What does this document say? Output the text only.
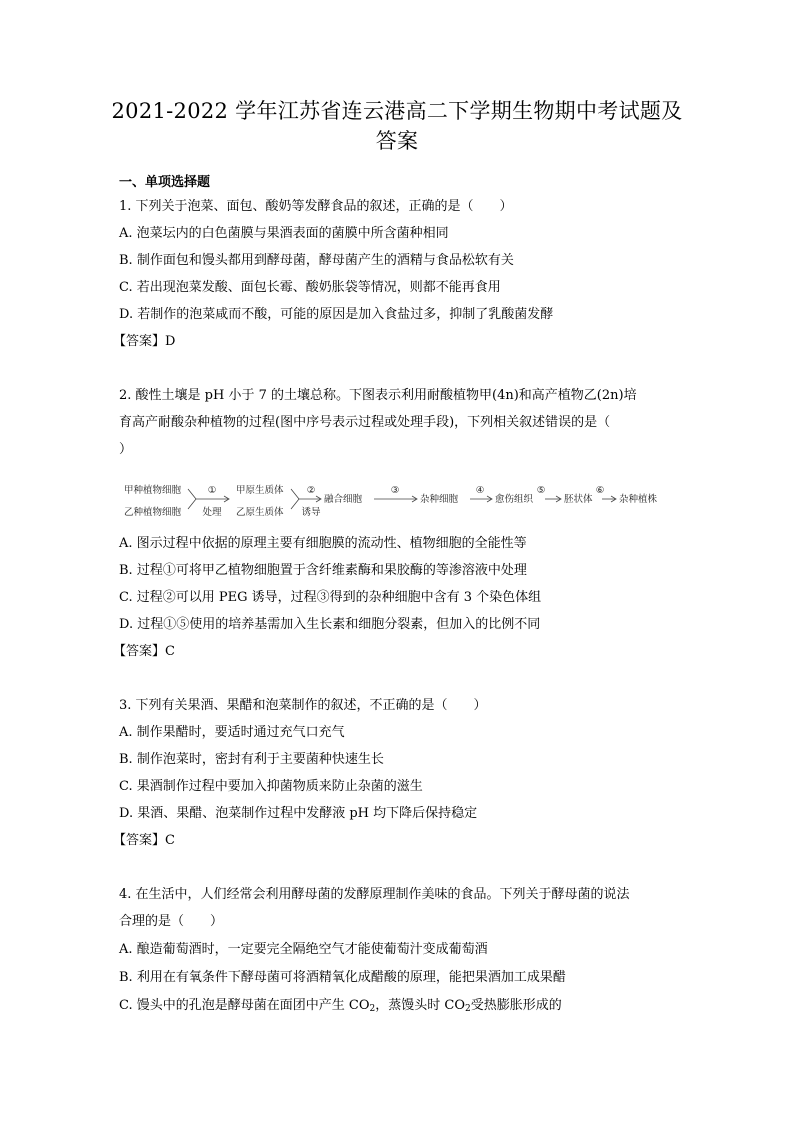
2021-2022 学年江苏省连云港高二下学期生物期中考试题及
答案
一、单项选择题
1. 下列关于泡菜、面包、酸奶等发酵食品的叙述，正确的是（　　）
A. 泡菜坛内的白色菌膜与果酒表面的菌膜中所含菌种相同
B. 制作面包和馒头都用到酵母菌，酵母菌产生的酒精与食品松软有关
C. 若出现泡菜发酸、面包长霉、酸奶胀袋等情况，则都不能再食用
D. 若制作的泡菜咸而不酸，可能的原因是加入食盐过多，抑制了乳酸菌发酵
【答案】D
2. 酸性土壤是 pH 小于 7 的土壤总称。下图表示利用耐酸植物甲(4n)和高产植物乙(2n)培
育高产耐酸杂种植物的过程(图中序号表示过程或处理手段)，下列相关叙述错误的是（
）
甲种植物细胞
乙种植物细胞
①
处理
甲原生质体
乙原生质体
②
诱导
融合细胞
③
杂种细胞
④
愈伤组织
⑤
胚状体
⑥
杂种植株
A. 图示过程中依据的原理主要有细胞膜的流动性、植物细胞的全能性等
B. 过程①可将甲乙植物细胞置于含纤维素酶和果胶酶的等渗溶液中处理
C. 过程②可以用 PEG 诱导，过程③得到的杂种细胞中含有 3 个染色体组
D. 过程①⑤使用的培养基需加入生长素和细胞分裂素，但加入的比例不同
【答案】C
3. 下列有关果酒、果醋和泡菜制作的叙述，不正确的是（　　）
A. 制作果醋时，要适时通过充气口充气
B. 制作泡菜时，密封有利于主要菌种快速生长
C. 果酒制作过程中要加入抑菌物质来防止杂菌的滋生
D. 果酒、果醋、泡菜制作过程中发酵液 pH 均下降后保持稳定
【答案】C
4. 在生活中，人们经常会利用酵母菌的发酵原理制作美味的食品。下列关于酵母菌的说法
合理的是（　　）
A. 酿造葡萄酒时，一定要完全隔绝空气才能使葡萄汁变成葡萄酒
B. 利用在有氧条件下酵母菌可将酒精氧化成醋酸的原理，能把果酒加工成果醋
C. 馒头中的孔泡是酵母菌在面团中产生 $CO_2$，蒸馒头时 $CO_2$受热膨胀形成的
